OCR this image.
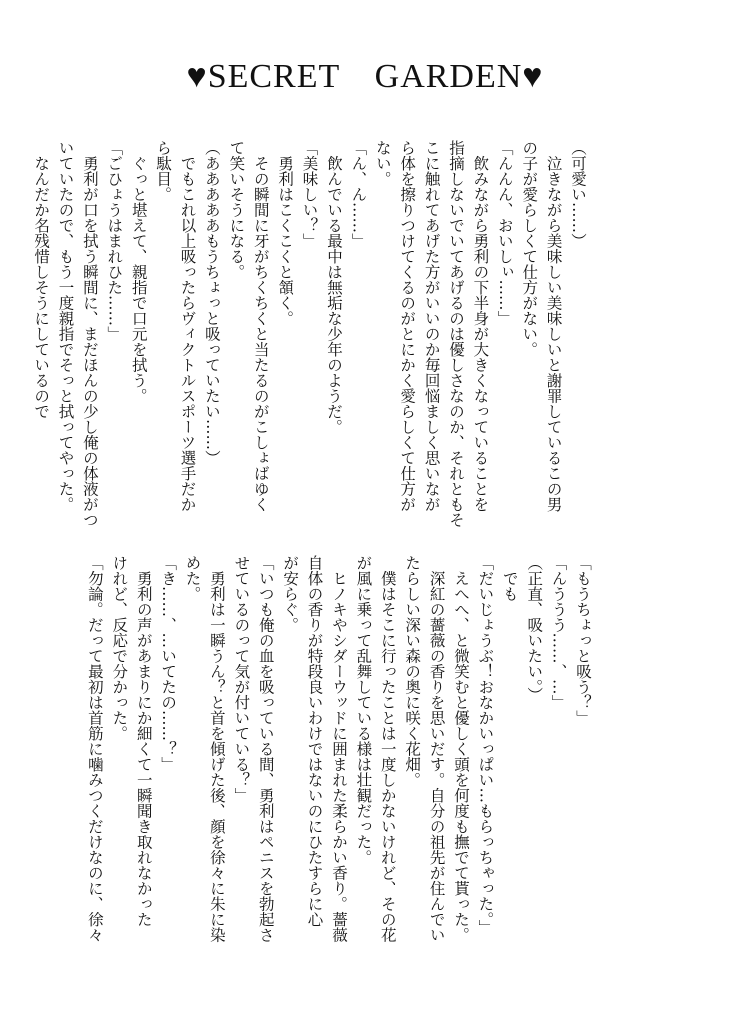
♥SECRET　GARDEN♥
（可愛い……）
　泣きながら美味しい美味しいと謝罪しているこの男
の子が愛らしくて仕方がない。
「んんん、おいしぃ……」
　飲みながら勇利の下半身が大きくなっていることを
指摘しないでいてあげるのは優しさなのか、それともそ
こに触れてあげた方がいいのか毎回悩ましく思いなが
ら体を擦りつけてくるのがとにかく愛らしくて仕方が
ない。
「ん、ん……」
　飲んでいる最中は無垢な少年のようだ。
「美味しい？」
　勇利はこくこくと頷く。
　その瞬間に牙がちくちくと当たるのがこしょばゆく
て笑いそうになる。
（あああああもうちょっと吸っていたい……）
　でもこれ以上吸ったらヴィクトルスポーツ選手だか
ら駄目。
　ぐっと堪えて、親指で口元を拭う。
「ごひょうはまれひた……」
　勇利が口を拭う瞬間に、まだほんの少し俺の体液がつ
いていたので、もう一度親指でそっと拭ってやった。
　なんだか名残惜しそうにしているので
「もうちょっと吸う？」
「んううう……、…」
（正直、吸いたい。）
　でも
「だいじょうぶ！おなかいっぱい…もらっちゃった。」
　えへへ、と微笑むと優しく頭を何度も撫でて貰った。
　深紅の薔薇の香りを思いだす。自分の祖先が住んでい
たらしい深い森の奥に咲く花畑。
　僕はそこに行ったことは一度しかないけれど、その花
が風に乗って乱舞している様は壮観だった。
　ヒノキやシダーウッドに囲まれた柔らかい香り。薔薇
自体の香りが特段良いわけではないのにひたすらに心
が安らぐ。
「いつも俺の血を吸っている間、勇利はペニスを勃起さ
せているのって気が付いている？」
　勇利は一瞬うん？と首を傾げた後、顔を徐々に朱に染
めた。
「き……、…いてたの……？」
　勇利の声があまりにか細くて一瞬聞き取れなかった
けれど、反応で分かった。
「勿論。だって最初は首筋に噛みつくだけなのに、徐々
